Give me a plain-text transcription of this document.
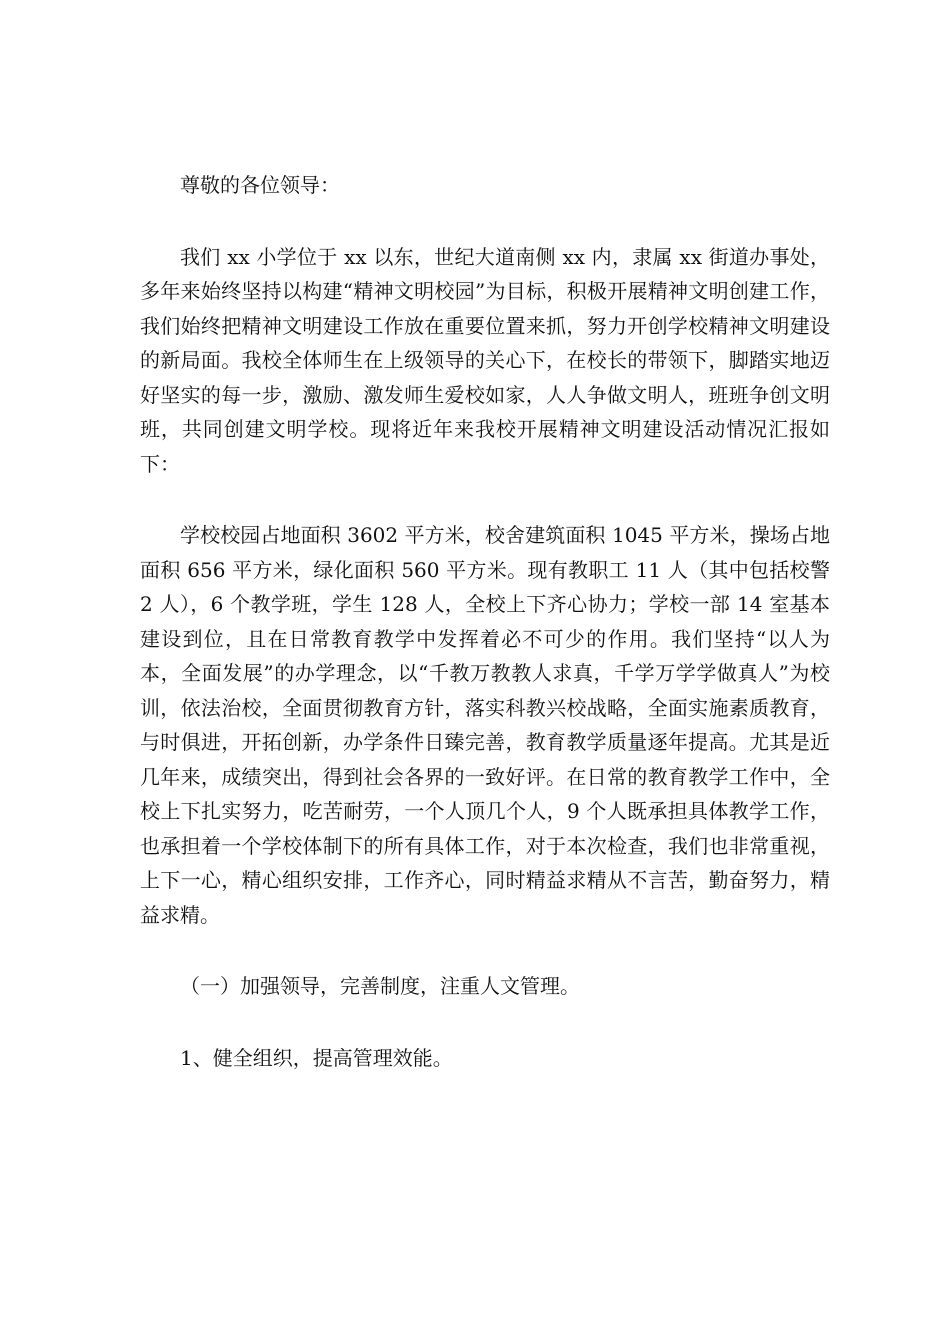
尊敬的各位领导：

我们 xx 小学位于 xx 以东，世纪大道南侧 xx 内，隶属 xx 街道办事处，多年来始终坚持以构建“精神文明校园”为目标，积极开展精神文明创建工作，我们始终把精神文明建设工作放在重要位置来抓，努力开创学校精神文明建设的新局面。我校全体师生在上级领导的关心下，在校长的带领下，脚踏实地迈好坚实的每一步，激励、激发师生爱校如家，人人争做文明人，班班争创文明班，共同创建文明学校。现将近年来我校开展精神文明建设活动情况汇报如下：

学校校园占地面积 3602 平方米，校舍建筑面积 1045 平方米，操场占地面积 656 平方米，绿化面积 560 平方米。现有教职工 11 人（其中包括校警 2 人），6 个教学班，学生 128 人，全校上下齐心协力；学校一部 14 室基本建设到位，且在日常教育教学中发挥着必不可少的作用。我们坚持“以人为本，全面发展”的办学理念，以“千教万教教人求真，千学万学学做真人”为校训，依法治校，全面贯彻教育方针，落实科教兴校战略，全面实施素质教育，与时俱进，开拓创新，办学条件日臻完善，教育教学质量逐年提高。尤其是近几年来，成绩突出，得到社会各界的一致好评。在日常的教育教学工作中，全校上下扎实努力，吃苦耐劳，一个人顶几个人，9 个人既承担具体教学工作，也承担着一个学校体制下的所有具体工作，对于本次检查，我们也非常重视，上下一心，精心组织安排，工作齐心，同时精益求精从不言苦，勤奋努力，精益求精。

（一）加强领导，完善制度，注重人文管理。

1、健全组织，提高管理效能。
